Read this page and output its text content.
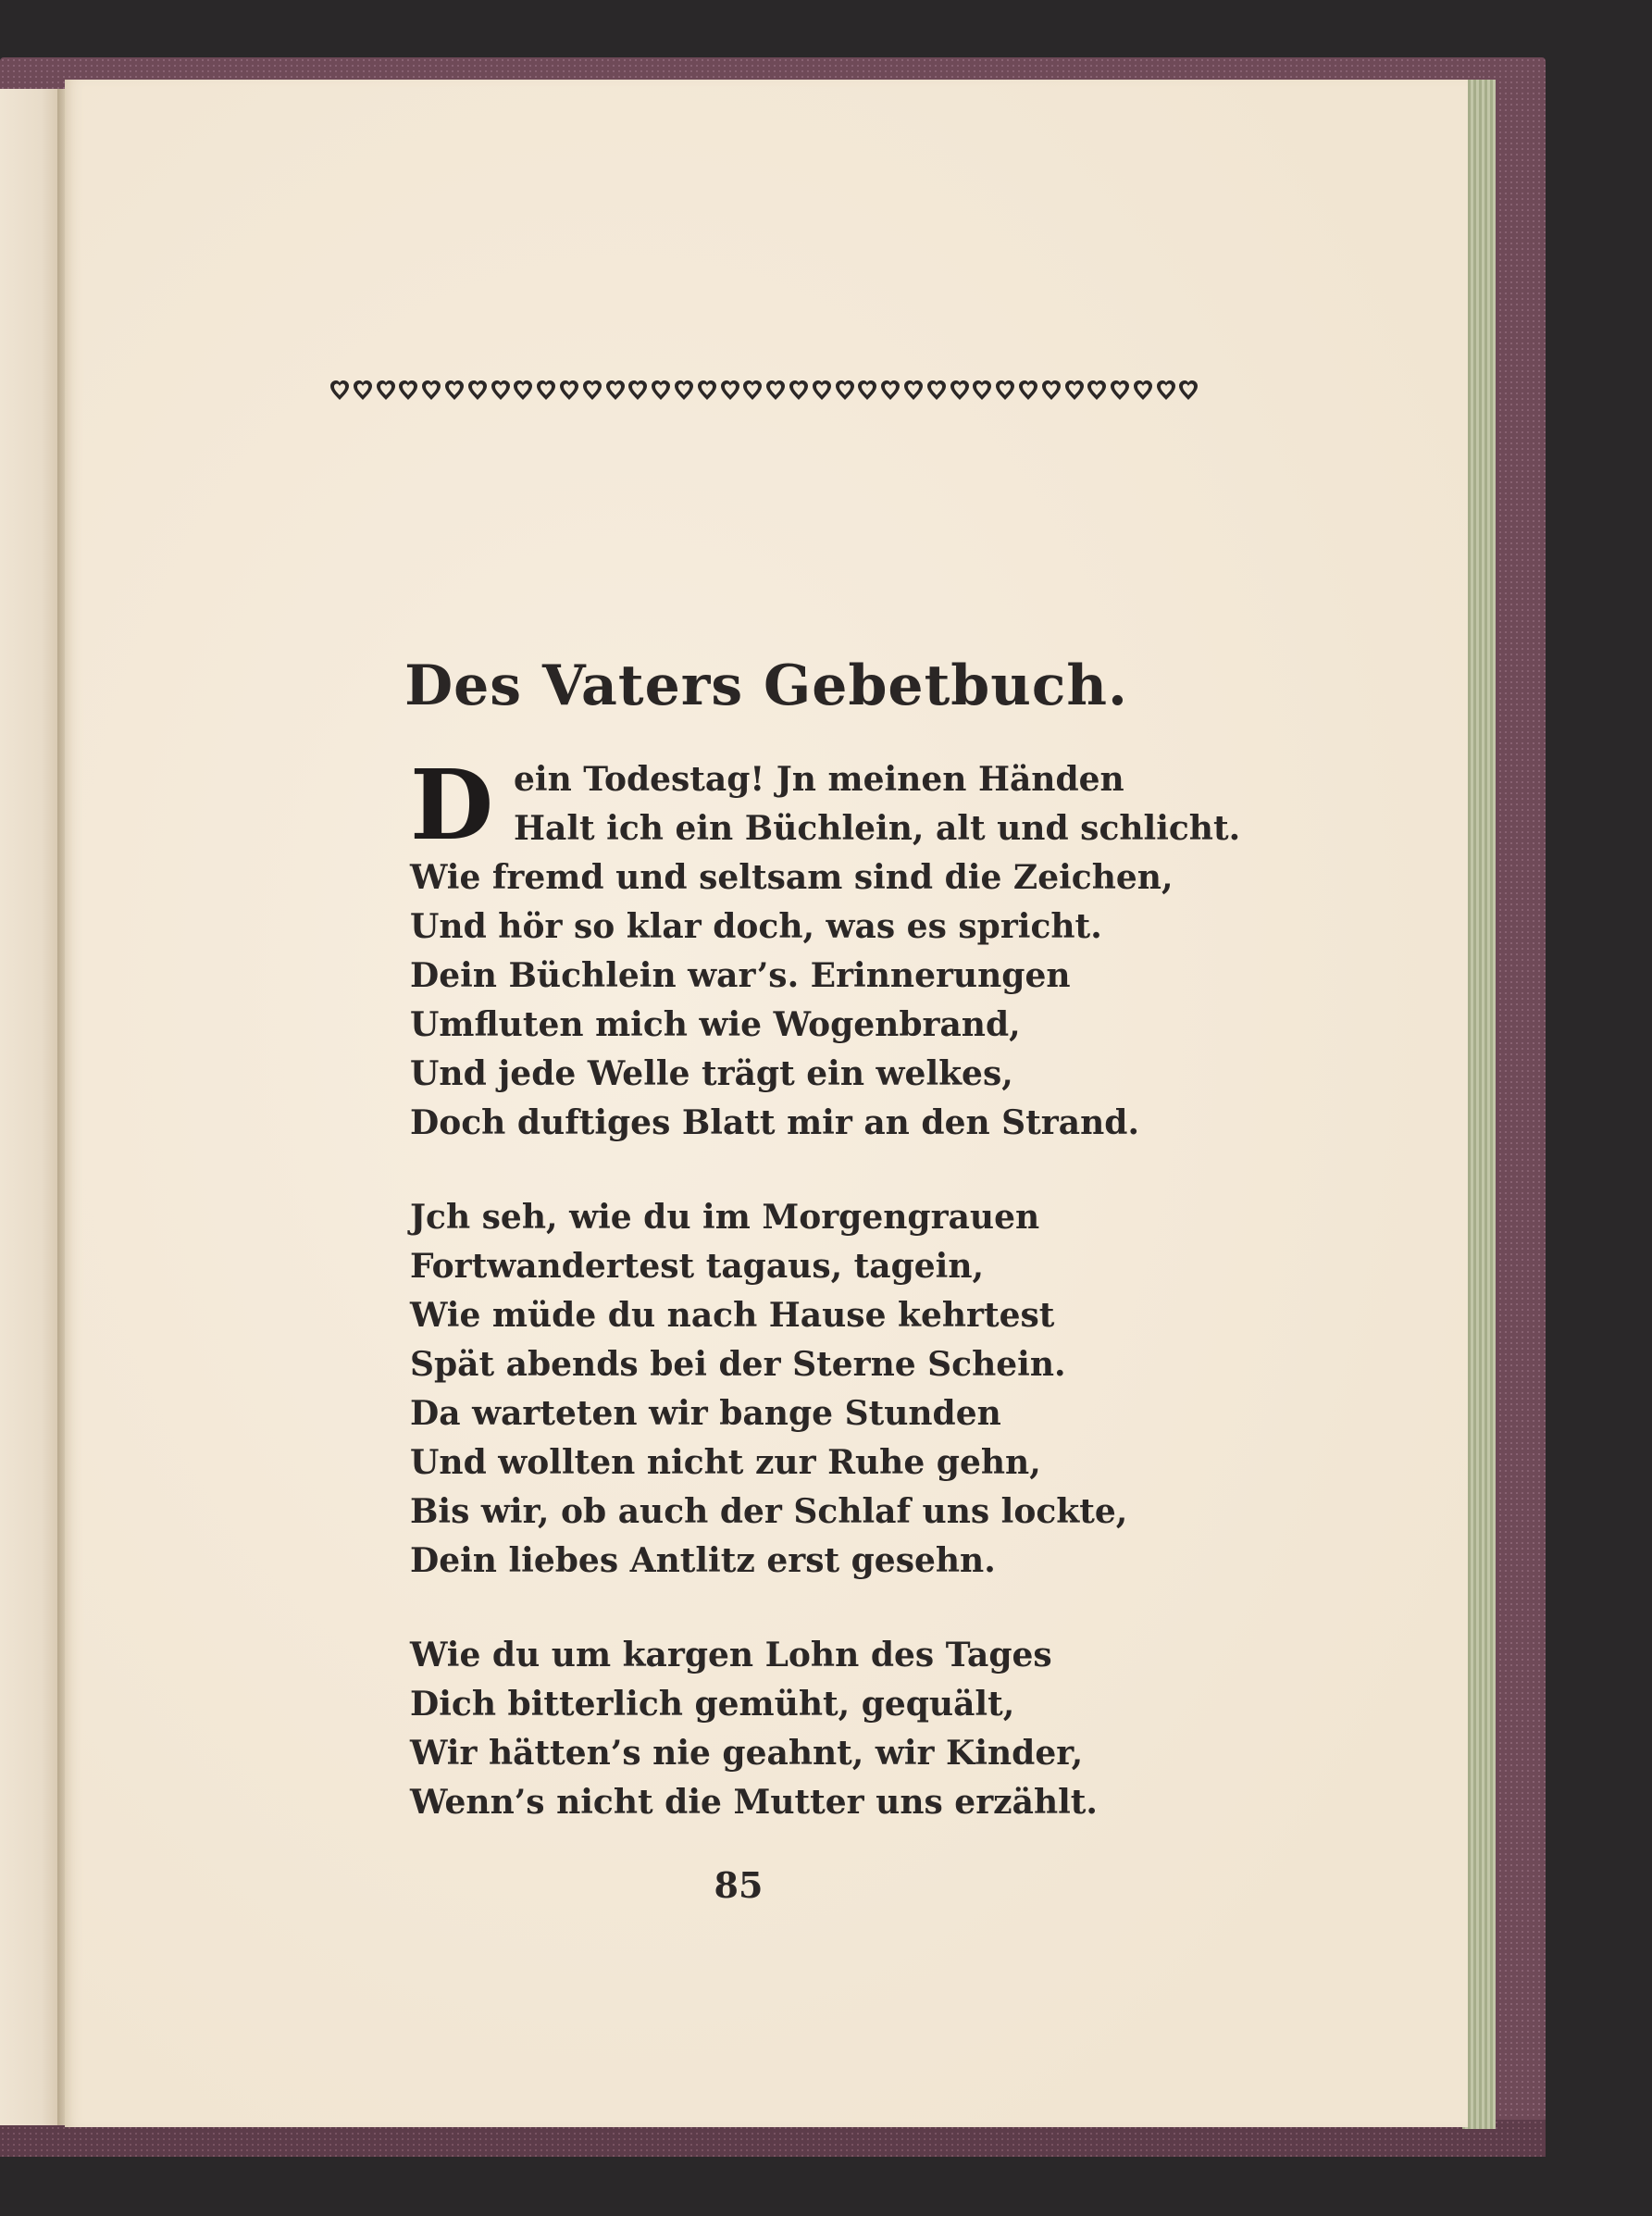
Des Vaters Gebetbuch.
D ein Todestag! Jn meinen Händen
Halt ich ein Büchlein, alt und schlicht.
Wie fremd und seltsam sind die Zeichen,
Und hör so klar doch, was es spricht.
Dein Büchlein war’s. Erinnerungen
Umfluten mich wie Wogenbrand,
Und jede Welle trägt ein welkes,
Doch duftiges Blatt mir an den Strand.
Jch seh, wie du im Morgengrauen
Fortwandertest tagaus, tagein,
Wie müde du nach Hause kehrtest
Spät abends bei der Sterne Schein.
Da warteten wir bange Stunden
Und wollten nicht zur Ruhe gehn,
Bis wir, ob auch der Schlaf uns lockte,
Dein liebes Antlitz erst gesehn.
Wie du um kargen Lohn des Tages
Dich bitterlich gemüht, gequält,
Wir hätten’s nie geahnt, wir Kinder,
Wenn’s nicht die Mutter uns erzählt.
85
